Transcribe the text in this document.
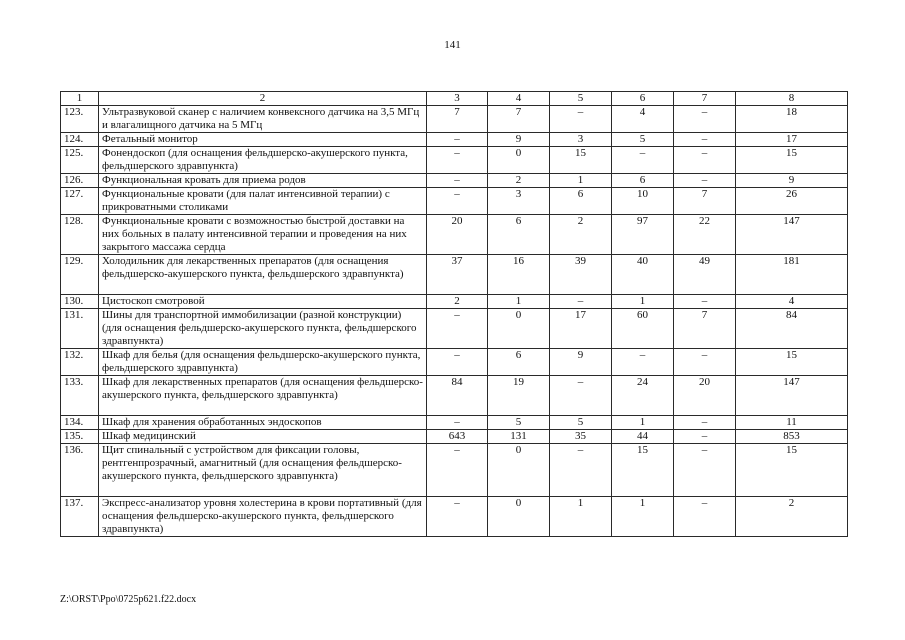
141
1	2	3	4	5	6	7	8
123.	Ультразвуковой сканер с наличием конвексного датчика на 3,5 МГц и влагалищного датчика на 5 МГц	7	7	–	4	–	18
124.	Фетальный монитор	–	9	3	5	–	17
125.	Фонендоскоп (для оснащения фельдшерско-акушерского пункта, фельдшерского здравпункта)	–	0	15	–	–	15
126.	Функциональная кровать для приема родов	–	2	1	6	–	9
127.	Функциональные кровати (для палат интенсивной терапии) с прикроватными столиками	–	3	6	10	7	26
128.	Функциональные кровати с возможностью быстрой доставки на них больных в палату интенсивной терапии и проведения на них закрытого массажа сердца	20	6	2	97	22	147
129.	Холодильник для лекарственных препаратов (для оснащения фельдшерско-акушерского пункта, фельдшерского здравпункта)	37	16	39	40	49	181
130.	Цистоскоп смотровой	2	1	–	1	–	4
131.	Шины для транспортной иммобилизации (разной конструкции) (для оснащения фельдшерско-акушерского пункта, фельдшерского здравпункта)	–	0	17	60	7	84
132.	Шкаф для белья (для оснащения фельдшерско-акушерского пункта, фельдшерского здравпункта)	–	6	9	–	–	15
133.	Шкаф для лекарственных препаратов (для оснащения фельдшерско-акушерского пункта, фельдшерского здравпункта)	84	19	–	24	20	147
134.	Шкаф для хранения обработанных эндоскопов	–	5	5	1	–	11
135.	Шкаф медицинский	643	131	35	44	–	853
136.	Щит спинальный с устройством для фиксации головы, рентгенпрозрачный, амагнитный (для оснащения фельдшерско-акушерского пункта, фельдшерского здравпункта)	–	0	–	15	–	15
137.	Экспресс-анализатор уровня холестерина в крови портативный (для оснащения фельдшерско-акушерского пункта, фельдшерского здравпункта)	–	0	1	1	–	2
Z:\ORST\Ppo\0725p621.f22.docx
